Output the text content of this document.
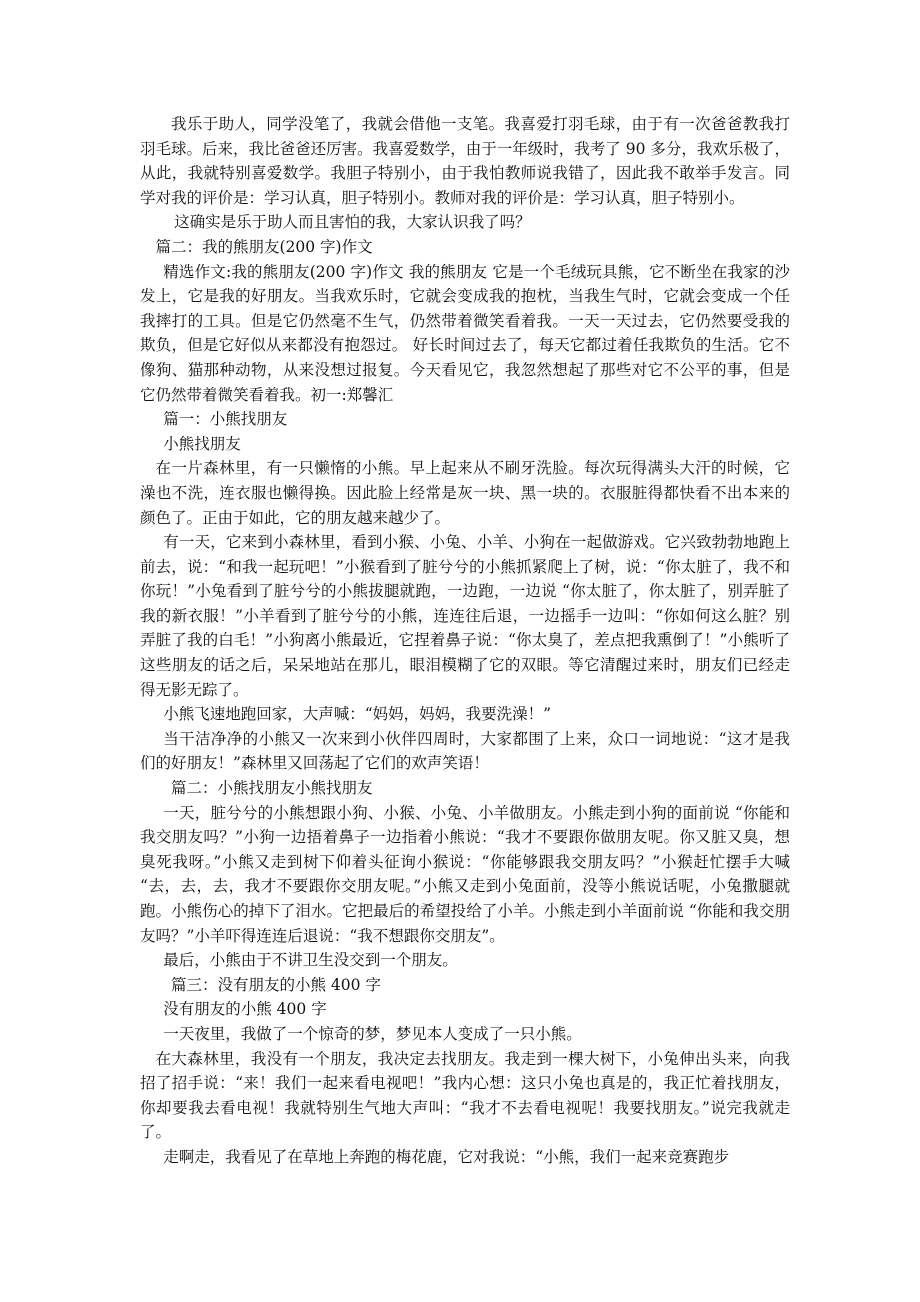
我乐于助人，同学没笔了，我就会借他一支笔。我喜爱打羽毛球，由于有一次爸爸教我打羽毛球。后来，我比爸爸还厉害。我喜爱数学，由于一年级时，我考了 90 多分，我欢乐极了，从此，我就特别喜爱数学。我胆子特别小，由于我怕教师说我错了，因此我不敢举手发言。同学对我的评价是：学习认真，胆子特别小。教师对我的评价是：学习认真，胆子特别小。

这确实是乐于助人而且害怕的我，大家认识我了吗？

篇二：我的熊朋友(200 字)作文

精选作文:我的熊朋友(200 字)作文 我的熊朋友 它是一个毛绒玩具熊，它不断坐在我家的沙发上，它是我的好朋友。当我欢乐时，它就会变成我的抱枕，当我生气时，它就会变成一个任我摔打的工具。但是它仍然毫不生气，仍然带着微笑看着我。一天一天过去，它仍然要受我的欺负，但是它好似从来都没有抱怨过。 好长时间过去了，每天它都过着任我欺负的生活。它不像狗、猫那种动物，从来没想过报复。今天看见它，我忽然想起了那些对它不公平的事，但是它仍然带着微笑看着我。初一:郑馨汇

篇一：小熊找朋友

小熊找朋友

在一片森林里，有一只懒惰的小熊。早上起来从不刷牙洗脸。每次玩得满头大汗的时候，它澡也不洗，连衣服也懒得换。因此脸上经常是灰一块、黑一块的。衣服脏得都快看不出本来的颜色了。正由于如此，它的朋友越来越少了。

有一天，它来到小森林里，看到小猴、小兔、小羊、小狗在一起做游戏。它兴致勃勃地跑上前去，说：“和我一起玩吧！”小猴看到了脏兮兮的小熊抓紧爬上了树，说：“你太脏了，我不和你玩！”小兔看到了脏兮兮的小熊拔腿就跑，一边跑，一边说 “你太脏了，你太脏了，别弄脏了我的新衣服！”小羊看到了脏兮兮的小熊，连连往后退，一边摇手一边叫：“你如何这么脏？别弄脏了我的白毛！”小狗离小熊最近，它捏着鼻子说：“你太臭了，差点把我熏倒了！”小熊听了这些朋友的话之后，呆呆地站在那儿，眼泪模糊了它的双眼。等它清醒过来时，朋友们已经走得无影无踪了。

小熊飞速地跑回家，大声喊：“妈妈，妈妈，我要洗澡！”

当干洁净净的小熊又一次来到小伙伴四周时，大家都围了上来，众口一词地说：“这才是我们的好朋友！”森林里又回荡起了它们的欢声笑语！

篇二：小熊找朋友小熊找朋友

一天，脏兮兮的小熊想跟小狗、小猴、小兔、小羊做朋友。小熊走到小狗的面前说 “你能和我交朋友吗？”小狗一边捂着鼻子一边指着小熊说：“我才不要跟你做朋友呢。你又脏又臭，想臭死我呀。”小熊又走到树下仰着头征询小猴说：“你能够跟我交朋友吗？”小猴赶忙摆手大喊 “去，去，去，我才不要跟你交朋友呢。”小熊又走到小兔面前，没等小熊说话呢，小兔撒腿就跑。小熊伤心的掉下了泪水。它把最后的希望投给了小羊。小熊走到小羊面前说 “你能和我交朋友吗？”小羊吓得连连后退说：“我不想跟你交朋友”。

最后，小熊由于不讲卫生没交到一个朋友。

篇三：没有朋友的小熊 400 字

没有朋友的小熊 400 字

一天夜里，我做了一个惊奇的梦，梦见本人变成了一只小熊。

在大森林里，我没有一个朋友，我决定去找朋友。我走到一棵大树下，小兔伸出头来，向我招了招手说：“来！我们一起来看电视吧！”我内心想：这只小兔也真是的，我正忙着找朋友，你却要我去看电视！我就特别生气地大声叫：“我才不去看电视呢！我要找朋友。”说完我就走了。

走啊走，我看见了在草地上奔跑的梅花鹿，它对我说：“小熊，我们一起来竞赛跑步
